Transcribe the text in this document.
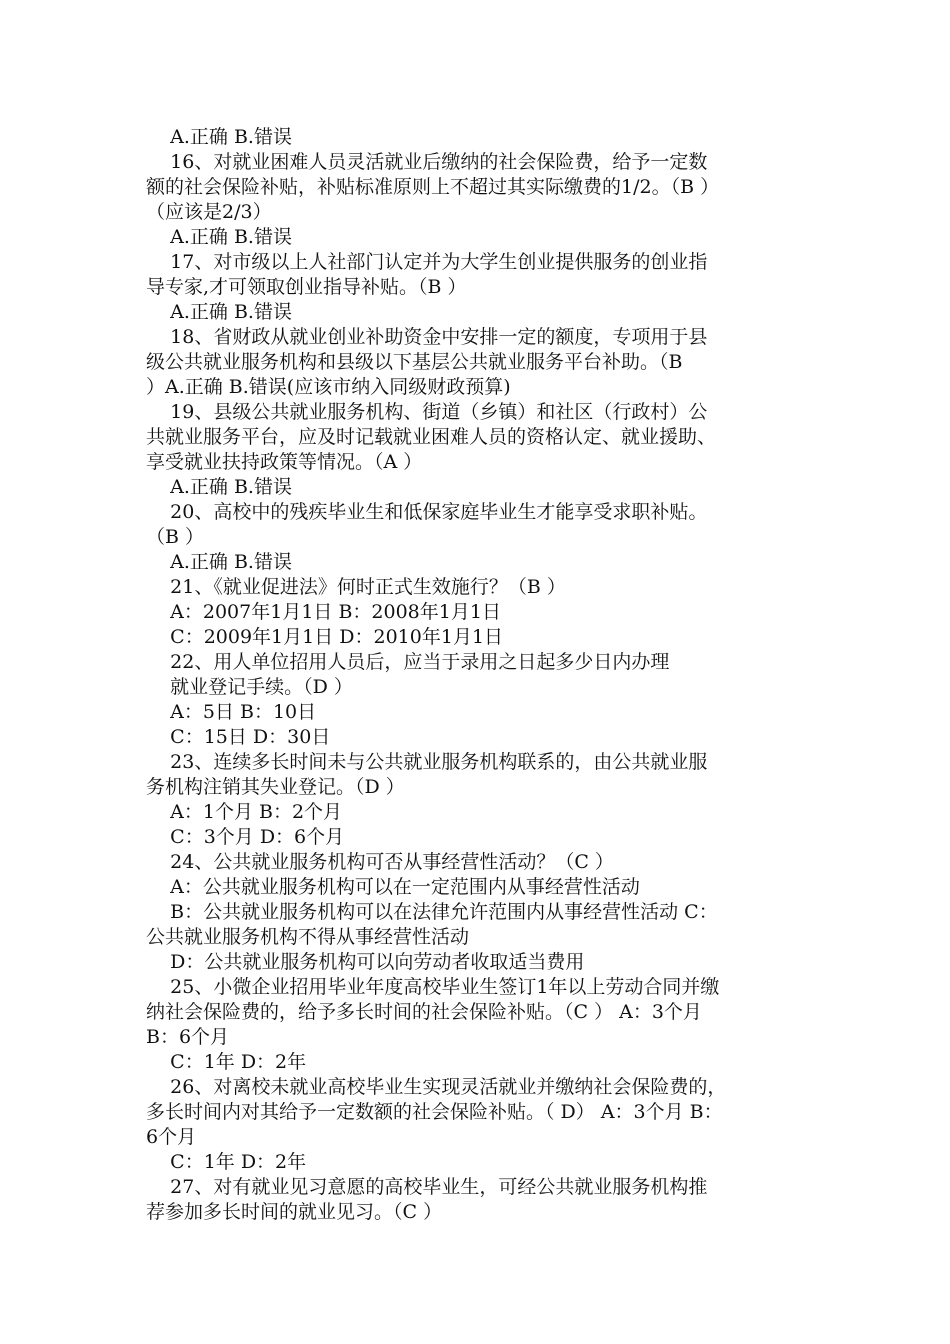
A.正确 B.错误
16、对就业困难人员灵活就业后缴纳的社会保险费，给予一定数
额的社会保险补贴，补贴标准原则上不超过其实际缴费的1/2。（B ）
（应该是2/3）
A.正确 B.错误
17、对市级以上人社部门认定并为大学生创业提供服务的创业指
导专家,才可领取创业指导补贴。（B ）
A.正确 B.错误
18、省财政从就业创业补助资金中安排一定的额度，专项用于县
级公共就业服务机构和县级以下基层公共就业服务平台补助。（B
）A.正确 B.错误(应该市纳入同级财政预算)
19、县级公共就业服务机构、街道（乡镇）和社区（行政村）公
共就业服务平台，应及时记载就业困难人员的资格认定、就业援助、
享受就业扶持政策等情况。（A ）
A.正确 B.错误
20、高校中的残疾毕业生和低保家庭毕业生才能享受求职补贴。
（B ）
A.正确 B.错误
21、《就业促进法》何时正式生效施行？（B ）
A：2007年1月1日 B：2008年1月1日
C：2009年1月1日 D：2010年1月1日
22、用人单位招用人员后，应当于录用之日起多少日内办理
就业登记手续。（D ）
A：5日 B：10日
C：15日 D：30日
23、连续多长时间未与公共就业服务机构联系的，由公共就业服
务机构注销其失业登记。（D ）
A：1个月 B：2个月
C：3个月 D：6个月
24、公共就业服务机构可否从事经营性活动？（C ）
A：公共就业服务机构可以在一定范围内从事经营性活动
B：公共就业服务机构可以在法律允许范围内从事经营性活动 C：
公共就业服务机构不得从事经营性活动
D：公共就业服务机构可以向劳动者收取适当费用
25、小微企业招用毕业年度高校毕业生签订1年以上劳动合同并缴
纳社会保险费的，给予多长时间的社会保险补贴。（C ） A：3个月
B：6个月
C：1年 D：2年
26、对离校未就业高校毕业生实现灵活就业并缴纳社会保险费的，
多长时间内对其给予一定数额的社会保险补贴。（ D） A：3个月 B：
6个月
C：1年 D：2年
27、对有就业见习意愿的高校毕业生，可经公共就业服务机构推
荐参加多长时间的就业见习。（C ）
